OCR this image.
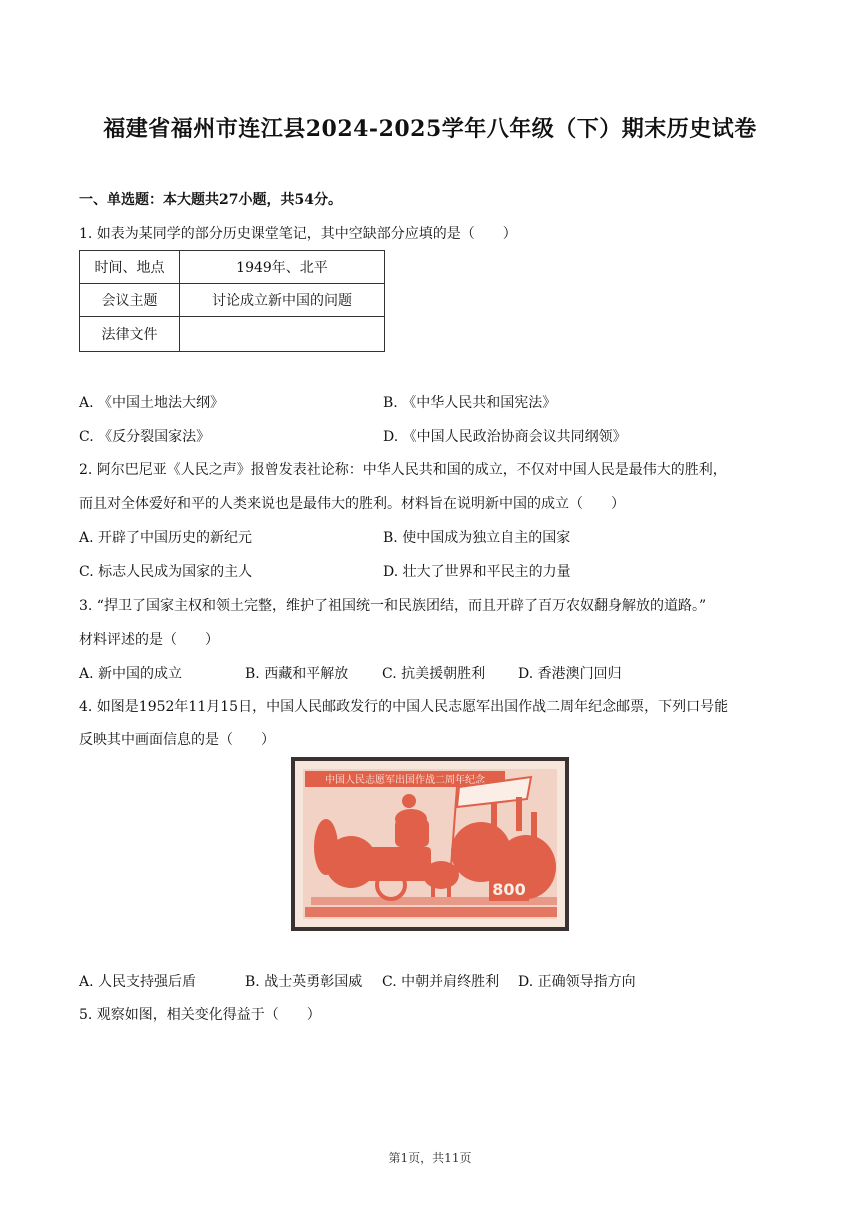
福建省福州市连江县2024-2025学年八年级（下）期末历史试卷
一、单选题：本大题共27小题，共54分。
1. 如表为某同学的部分历史课堂笔记，其中空缺部分应填的是（　　）
时间、地点	1949年、北平
会议主题	讨论成立新中国的问题
法律文件	
A. 《中国土地法大纲》	B. 《中华人民共和国宪法》
C. 《反分裂国家法》	D. 《中国人民政治协商会议共同纲领》
2. 阿尔巴尼亚《人民之声》报曾发表社论称：中华人民共和国的成立，不仅对中国人民是最伟大的胜利，
而且对全体爱好和平的人类来说也是最伟大的胜利。材料旨在说明新中国的成立（　　）
A. 开辟了中国历史的新纪元	B. 使中国成为独立自主的国家
C. 标志人民成为国家的主人	D. 壮大了世界和平民主的力量
3. “捍卫了国家主权和领土完整，维护了祖国统一和民族团结，而且开辟了百万农奴翻身解放的道路。”
材料评述的是（　　）
A. 新中国的成立	B. 西藏和平解放 C. 抗美援朝胜利 D. 香港澳门回归
4. 如图是1952年11月15日，中国人民邮政发行的中国人民志愿军出国作战二周年纪念邮票，下列口号能
反映其中画面信息的是（　　）
中国人民志愿军出国作战二周年纪念
800
A. 人民支持强后盾	B. 战士英勇彰国威 C. 中朝并肩终胜利 D. 正确领导指方向
5. 观察如图，相关变化得益于（　　）
第1页，共11页
